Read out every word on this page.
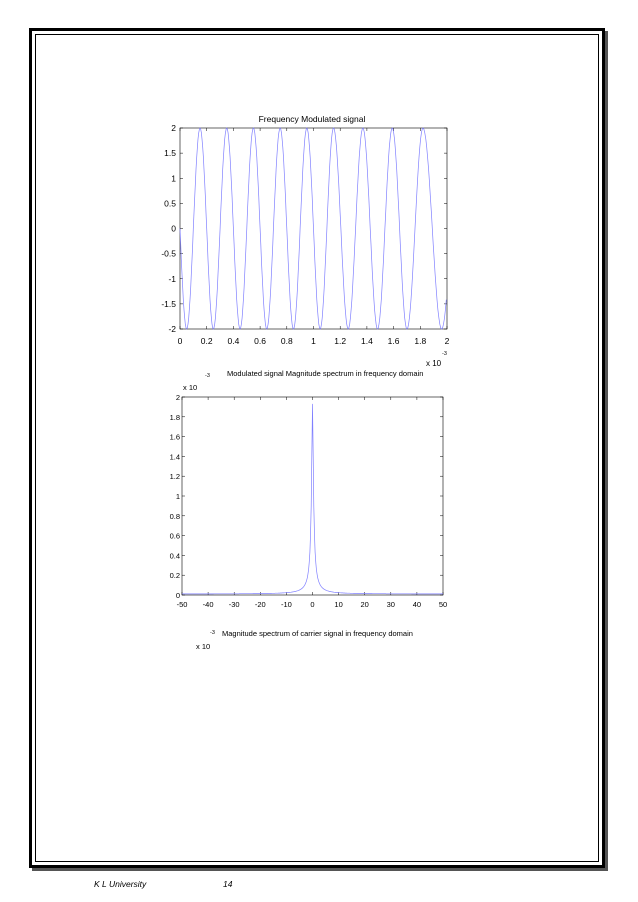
Frequency Modulated signal
2
1.5
1
0.5
0
-0.5
-1
-1.5
-2
0 0.2 0.4 0.6 0.8 1 1.2 1.4 1.6 1.8 2
x 10
-3
-3 Modulated signal Magnitude spectrum in frequency domain
x 10
2
1.8
1.6
1.4
1.2
1
0.8
0.6
0.4
0.2
0
-50 -40 -30 -20 -10 0	10 20 30 40 50
-3 Magnitude spectrum of carrier signal in frequency domain
x 10
K L University	14
